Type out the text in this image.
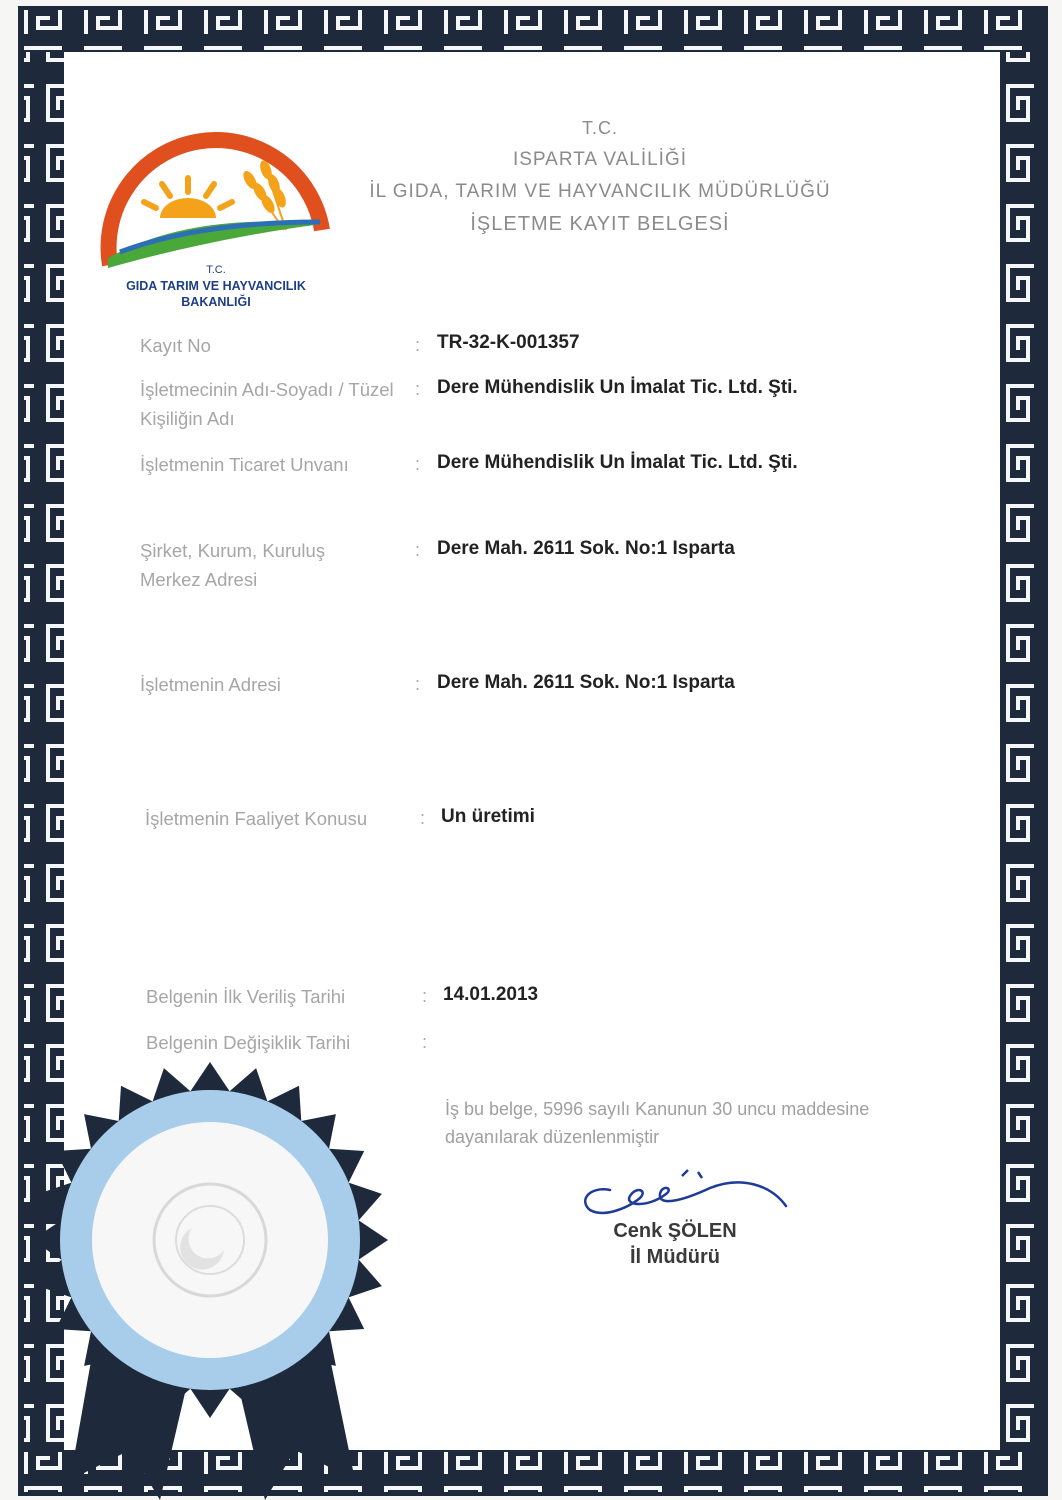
T.C.
GIDA TARIM VE HAYVANCILIK
BAKANLIĞI
T.C.
ISPARTA VALİLİĞİ
İL GIDA, TARIM VE HAYVANCILIK MÜDÜRLÜĞÜ
İŞLETME KAYIT BELGESİ
Kayıt No	: TR-32-K-001357
İşletmecinin Adı-Soyadı / Tüzel Kişiliğin Adı
: Dere Mühendislik Un İmalat Tic. Ltd. Şti.
İşletmenin Ticaret Unvanı	: Dere Mühendislik Un İmalat Tic. Ltd. Şti.
Şirket, Kurum, Kuruluş Merkez Adresi
: Dere Mah. 2611 Sok. No:1 Isparta
İşletmenin Adresi	: Dere Mah. 2611 Sok. No:1 Isparta
İşletmenin Faaliyet Konusu	: Un üretimi
Belgenin İlk Veriliş Tarihi	: 14.01.2013
Belgenin Değişiklik Tarihi	:
İş bu belge, 5996 sayılı Kanunun 30 uncu maddesine dayanılarak düzenlenmiştir
Cenk ŞÖLEN
İl Müdürü
